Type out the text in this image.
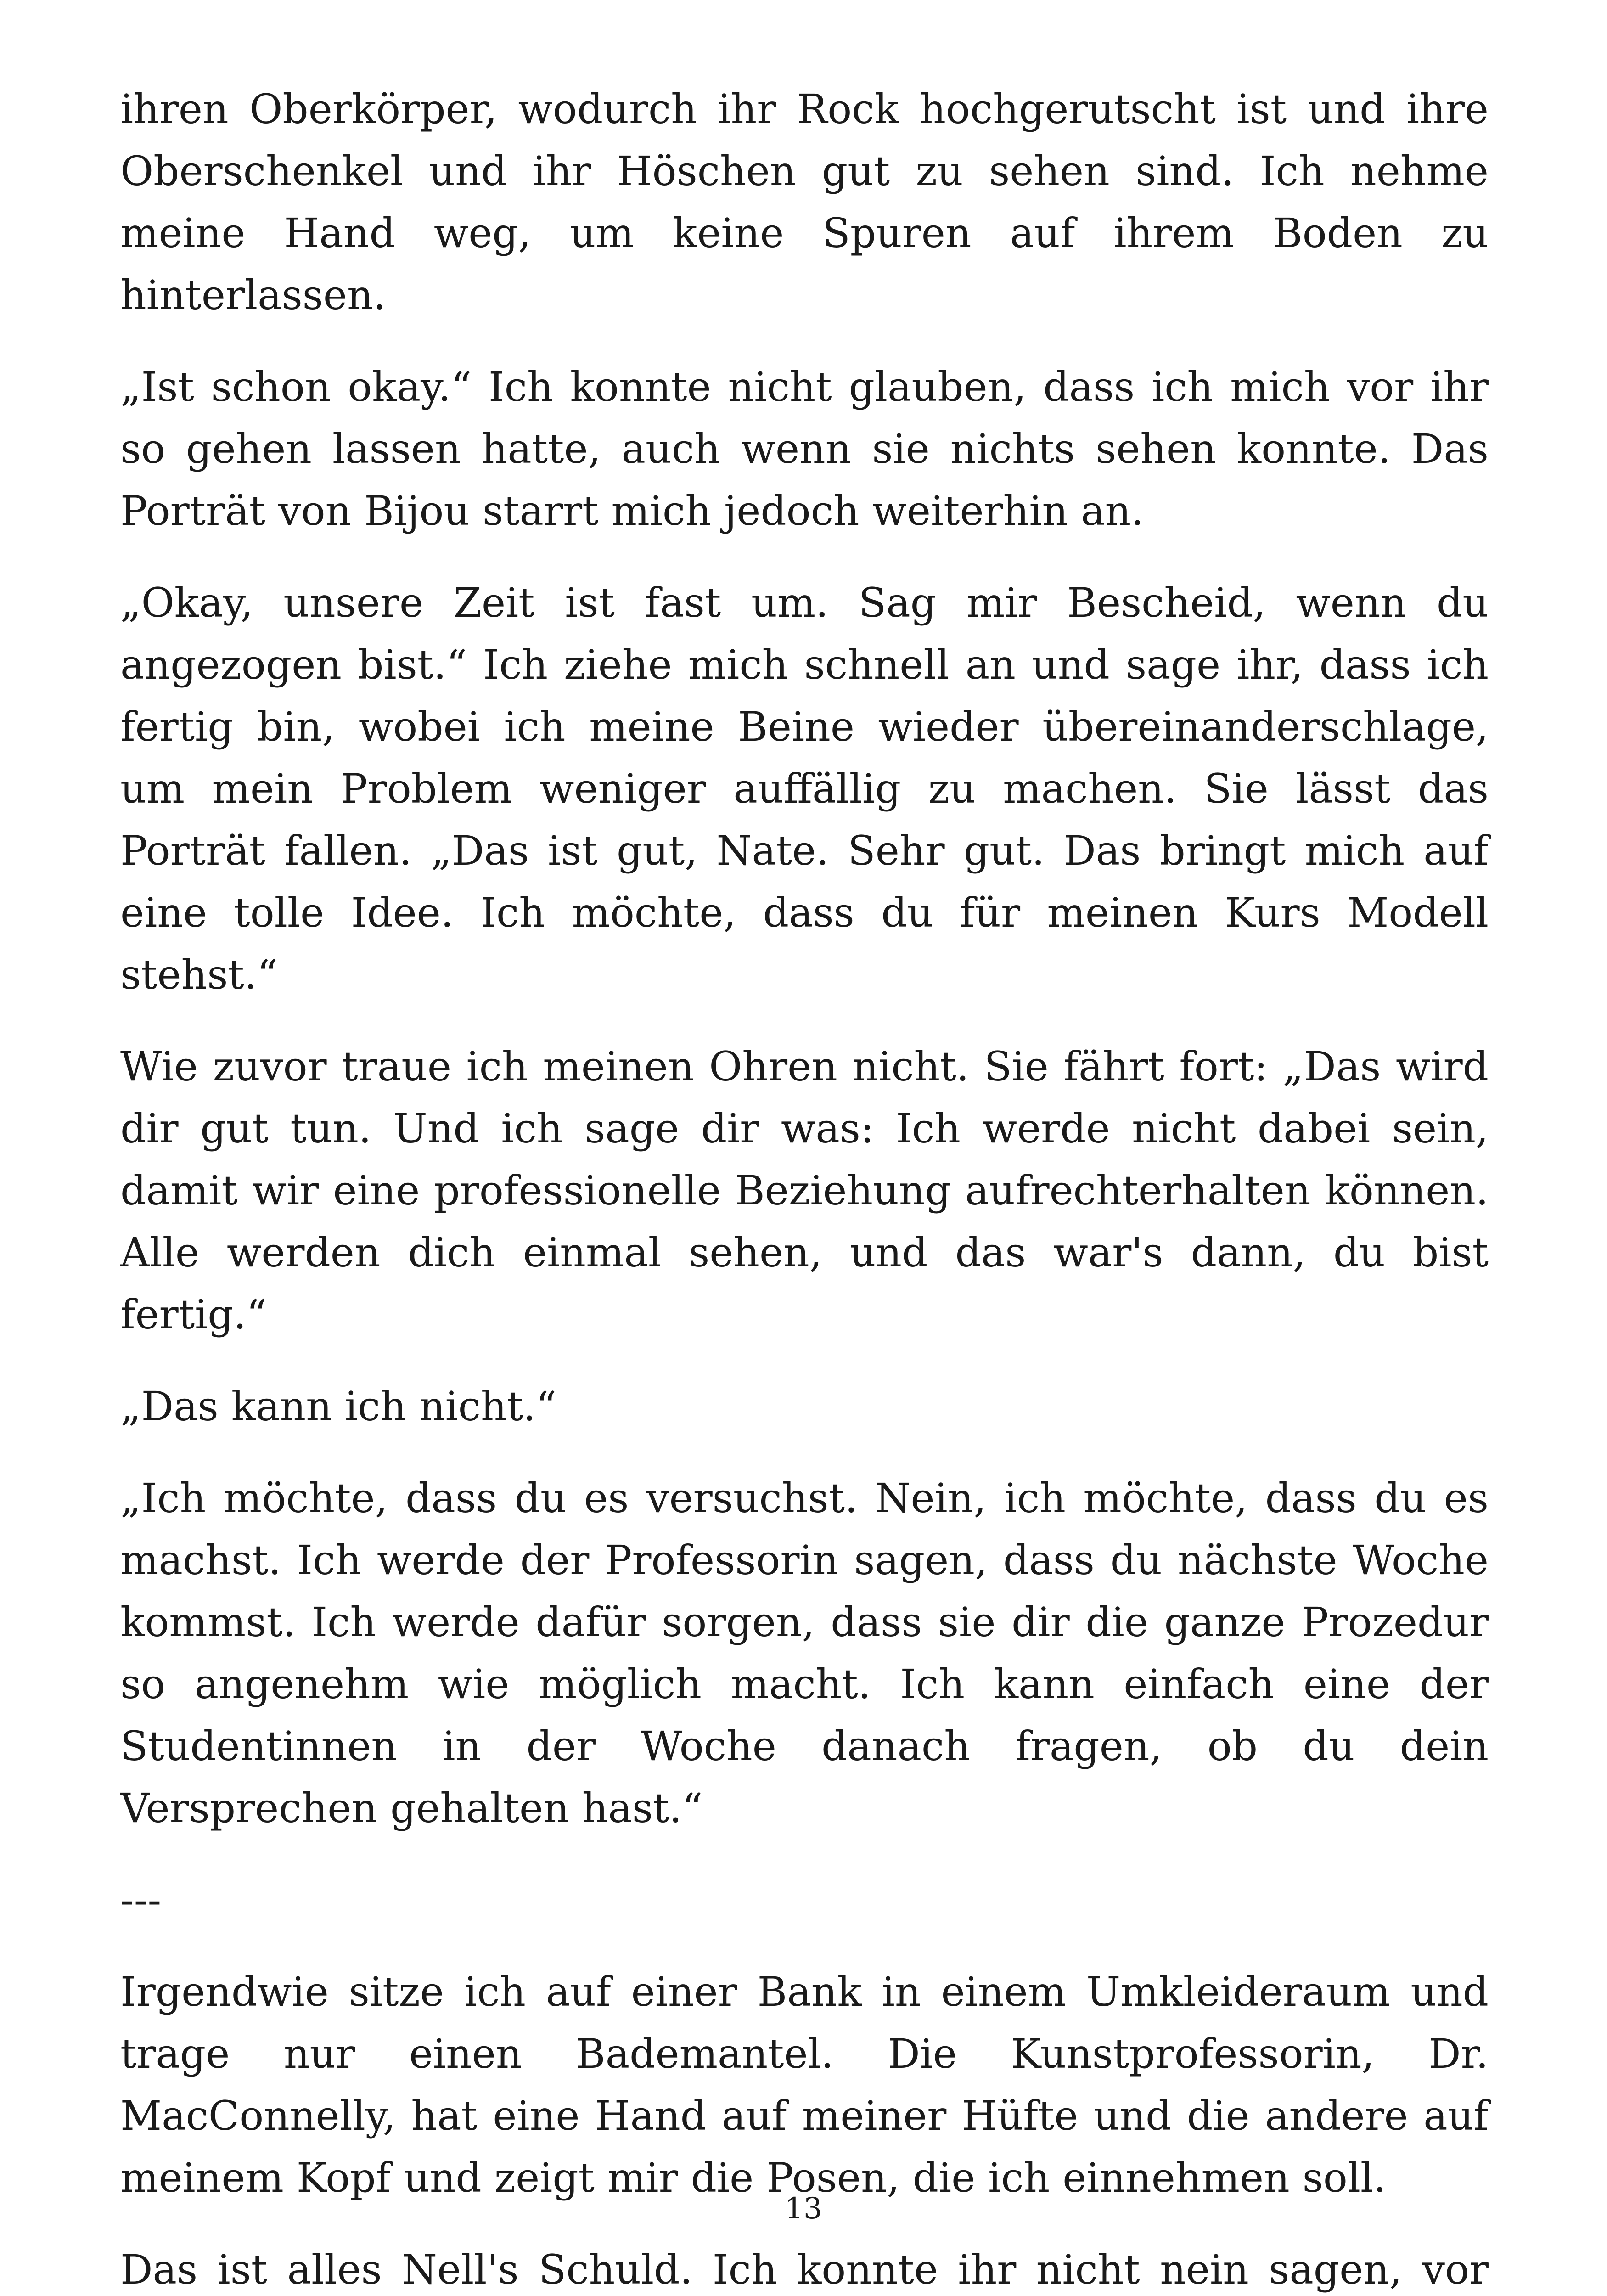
ihren Oberkörper, wodurch ihr Rock hochgerutscht ist und ihre Oberschenkel und ihr Höschen gut zu sehen sind. Ich nehme meine Hand weg, um keine Spuren auf ihrem Boden zu hinterlassen.

„Ist schon okay.“ Ich konnte nicht glauben, dass ich mich vor ihr so gehen lassen hatte, auch wenn sie nichts sehen konnte. Das Porträt von Bijou starrt mich jedoch weiterhin an.

„Okay, unsere Zeit ist fast um. Sag mir Bescheid, wenn du angezogen bist.“ Ich ziehe mich schnell an und sage ihr, dass ich fertig bin, wobei ich meine Beine wieder übereinanderschlage, um mein Problem weniger auffällig zu machen. Sie lässt das Porträt fallen. „Das ist gut, Nate. Sehr gut. Das bringt mich auf eine tolle Idee. Ich möchte, dass du für meinen Kurs Modell stehst.“

Wie zuvor traue ich meinen Ohren nicht. Sie fährt fort: „Das wird dir gut tun. Und ich sage dir was: Ich werde nicht dabei sein, damit wir eine professionelle Beziehung aufrechterhalten können. Alle werden dich einmal sehen, und das war's dann, du bist fertig.“

„Das kann ich nicht.“

„Ich möchte, dass du es versuchst. Nein, ich möchte, dass du es machst. Ich werde der Professorin sagen, dass du nächste Woche kommst. Ich werde dafür sorgen, dass sie dir die ganze Prozedur so angenehm wie möglich macht. Ich kann einfach eine der Studentinnen in der Woche danach fragen, ob du dein Versprechen gehalten hast.“

---

Irgendwie sitze ich auf einer Bank in einem Umkleideraum und trage nur einen Bademantel. Die Kunstprofessorin, Dr. MacConnelly, hat eine Hand auf meiner Hüfte und die andere auf meinem Kopf und zeigt mir die Posen, die ich einnehmen soll.

Das ist alles Nell's Schuld. Ich konnte ihr nicht nein sagen, vor

13
